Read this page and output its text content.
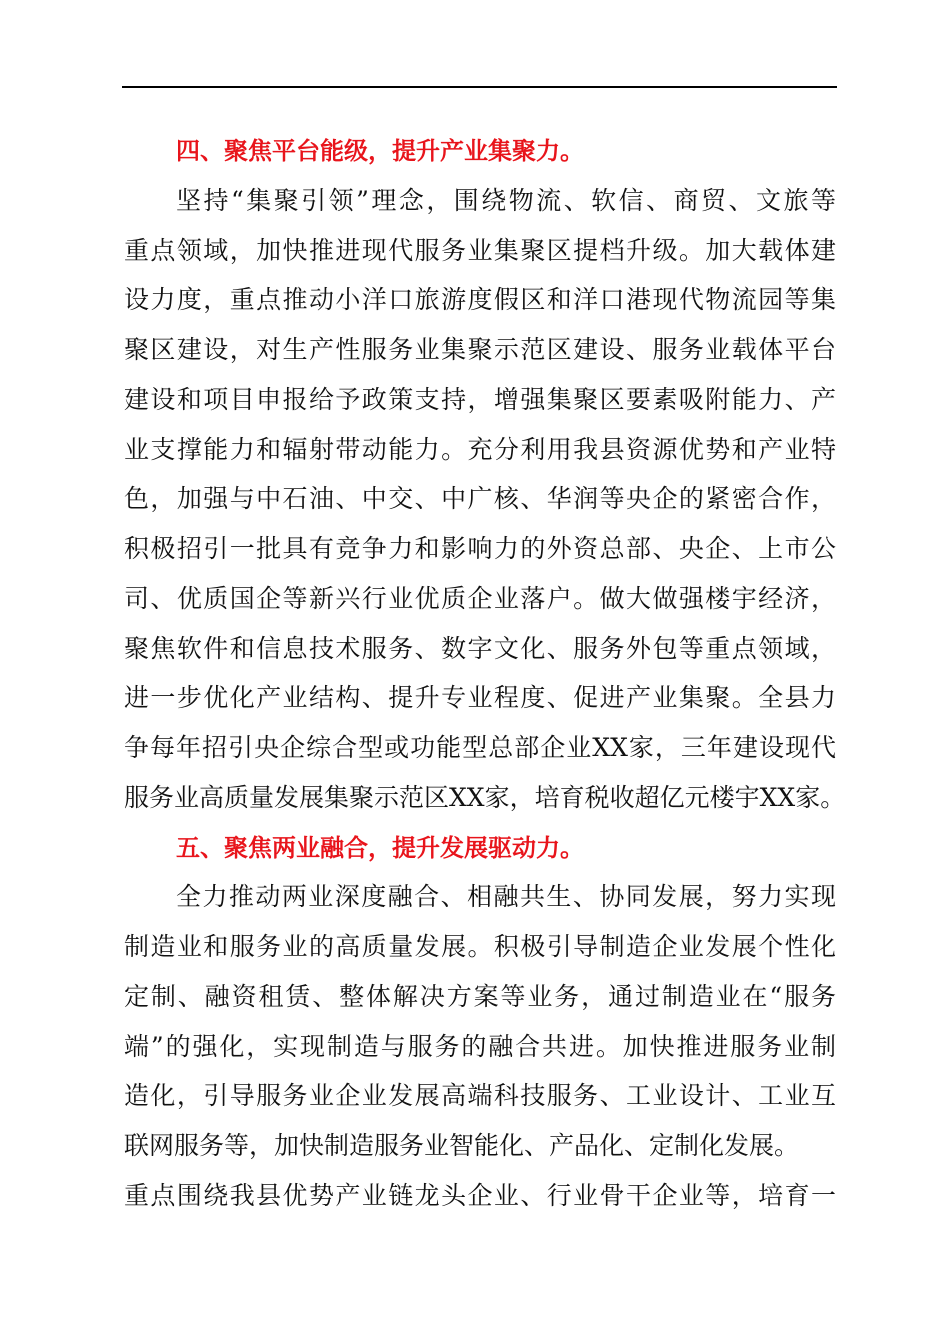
四、聚焦平台能级，提升产业集聚力。
坚持“集聚引领”理念，围绕物流、软信、商贸、文旅等
重点领域，加快推进现代服务业集聚区提档升级。加大载体建
设力度，重点推动小洋口旅游度假区和洋口港现代物流园等集
聚区建设，对生产性服务业集聚示范区建设、服务业载体平台
建设和项目申报给予政策支持，增强集聚区要素吸附能力、产
业支撑能力和辐射带动能力。充分利用我县资源优势和产业特
色，加强与中石油、中交、中广核、华润等央企的紧密合作，
积极招引一批具有竞争力和影响力的外资总部、央企、上市公
司、优质国企等新兴行业优质企业落户。做大做强楼宇经济，
聚焦软件和信息技术服务、数字文化、服务外包等重点领域，
进一步优化产业结构、提升专业程度、促进产业集聚。全县力
争每年招引央企综合型或功能型总部企业XX家，三年建设现代
服务业高质量发展集聚示范区XX家，培育税收超亿元楼宇XX家。
五、聚焦两业融合，提升发展驱动力。
全力推动两业深度融合、相融共生、协同发展，努力实现
制造业和服务业的高质量发展。积极引导制造企业发展个性化
定制、融资租赁、整体解决方案等业务，通过制造业在“服务
端”的强化，实现制造与服务的融合共进。加快推进服务业制
造化，引导服务业企业发展高端科技服务、工业设计、工业互
联网服务等，加快制造服务业智能化、产品化、定制化发展。
重点围绕我县优势产业链龙头企业、行业骨干企业等，培育一
